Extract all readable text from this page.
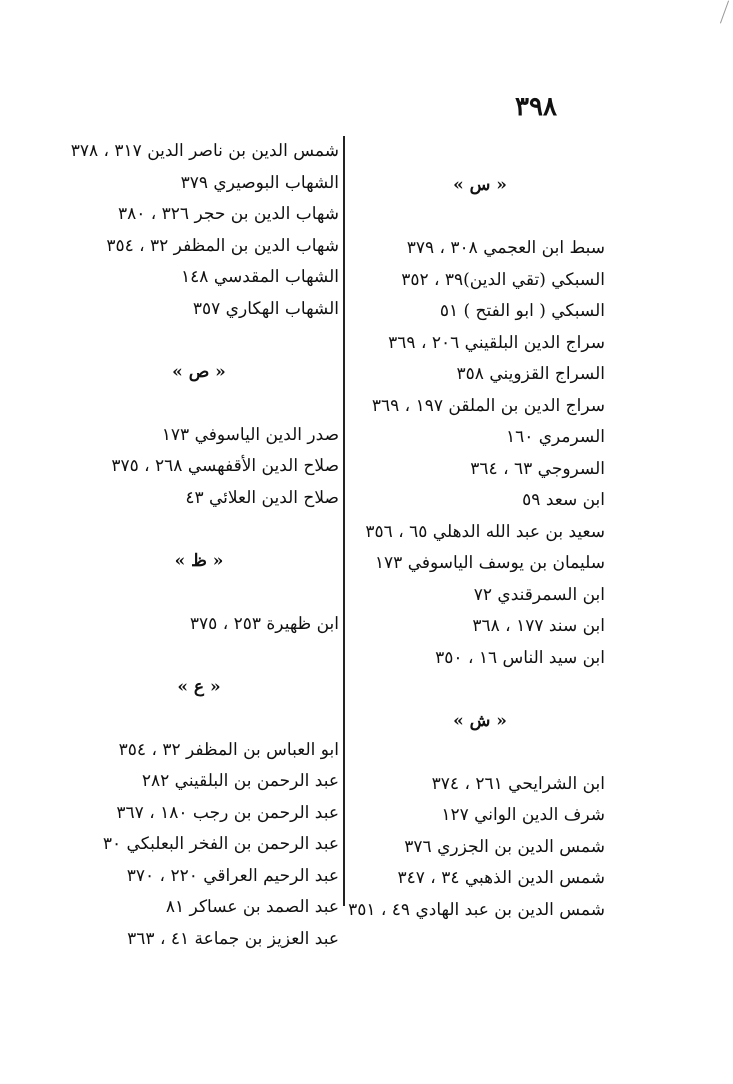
٣٩٨
« س »
سبط ابن العجمي ٣٠٨ ، ٣٧٩
السبكي (تقي الدين)٣٩ ، ٣٥٢
السبكي ( ابو الفتح ) ٥١
سراج الدين البلقيني ٢٠٦ ، ٣٦٩
السراج القزويني ٣٥٨
سراج الدين بن الملقن ١٩٧ ، ٣٦٩
السرمري ١٦٠
السروجي ٦٣ ، ٣٦٤
ابن سعد ٥٩
سعيد بن عبد الله الدهلي ٦٥ ، ٣٥٦
سليمان بن يوسف الياسوفي ١٧٣
ابن السمرقندي ٧٢
ابن سند ١٧٧ ، ٣٦٨
ابن سيد الناس ١٦ ، ٣٥٠
« ش »
ابن الشرايحي ٢٦١ ، ٣٧٤
شرف الدين الواني ١٢٧
شمس الدين بن الجزري ٣٧٦
شمس الدين الذهبي ٣٤ ، ٣٤٧
شمس الدين بن عبد الهادي ٤٩ ، ٣٥١
شمس الدين بن ناصر الدين ٣١٧ ، ٣٧٨
الشهاب البوصيري ٣٧٩
شهاب الدين بن حجر ٣٢٦ ، ٣٨٠
شهاب الدين بن المظفر ٣٢ ، ٣٥٤
الشهاب المقدسي ١٤٨
الشهاب الهكاري ٣٥٧
« ص »
صدر الدين الياسوفي ١٧٣
صلاح الدين الأقفهسي ٢٦٨ ، ٣٧٥
صلاح الدين العلائي ٤٣
« ظ »
ابن ظهيرة ٢٥٣ ، ٣٧٥
« ع »
ابو العباس بن المظفر ٣٢ ، ٣٥٤
عبد الرحمن بن البلقيني ٢٨٢
عبد الرحمن بن رجب ١٨٠ ، ٣٦٧
عبد الرحمن بن الفخر البعلبكي ٣٠
عبد الرحيم العراقي ٢٢٠ ، ٣٧٠
عبد الصمد بن عساكر ٨١
عبد العزيز بن جماعة ٤١ ، ٣٦٣
